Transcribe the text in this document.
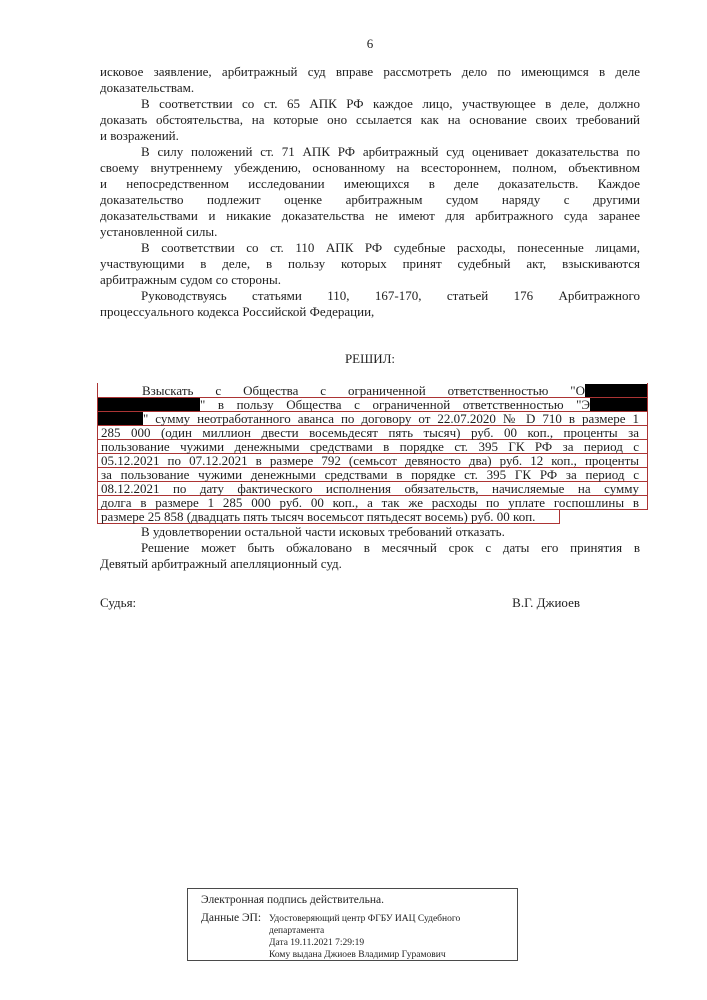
6
исковое заявление, арбитражный суд вправе рассмотреть дело по имеющимся в деле
доказательствам.
В соответствии со ст. 65 АПК РФ каждое лицо, участвующее в деле, должно
доказать обстоятельства, на которые оно ссылается как на основание своих требований
и возражений.
В силу положений ст. 71 АПК РФ арбитражный суд оценивает доказательства по
своему внутреннему убеждению, основанному на всестороннем, полном, объективном
и непосредственном исследовании имеющихся в деле доказательств. Каждое
доказательство подлежит оценке арбитражным судом наряду с другими
доказательствами и никакие доказательства не имеют для арбитражного суда заранее
установленной силы.
В соответствии со ст. 110 АПК РФ судебные расходы, понесенные лицами,
участвующими в деле, в пользу которых принят судебный акт, взыскиваются
арбитражным судом со стороны.
Руководствуясь статьями 110, 167-170, статьей 176 Арбитражного
процессуального кодекса Российской Федерации,
РЕШИЛ:
Взыскать с Общества с ограниченной ответственностью "О
" в пользу Общества с ограниченной ответственностью "Э
" сумму неотработанного аванса по договору от 22.07.2020 № D 710 в размере 1
285 000 (один миллион двести восемьдесят пять тысяч) руб. 00 коп., проценты за
пользование чужими денежными средствами в порядке ст. 395 ГК РФ за период с
05.12.2021 по 07.12.2021 в размере 792 (семьсот девяносто два) руб. 12 коп., проценты
за пользование чужими денежными средствами в порядке ст. 395 ГК РФ за период с
08.12.2021 по дату фактического исполнения обязательств, начисляемые на сумму
долга в размере 1 285 000 руб. 00 коп., а так же расходы по уплате госпошлины в
размере 25 858 (двадцать пять тысяч восемьсот пятьдесят восемь) руб. 00 коп.
В удовлетворении остальной части исковых требований отказать.
Решение может быть обжаловано в месячный срок с даты его принятия в
Девятый арбитражный апелляционный суд.
Судья:	В.Г. Джиоев
Электронная подпись действительна.
Данные ЭП: Удостоверяющий центр ФГБУ ИАЦ Судебного департамента
Дата 19.11.2021 7:29:19
Кому выдана Джиоев Владимир Гурамович
